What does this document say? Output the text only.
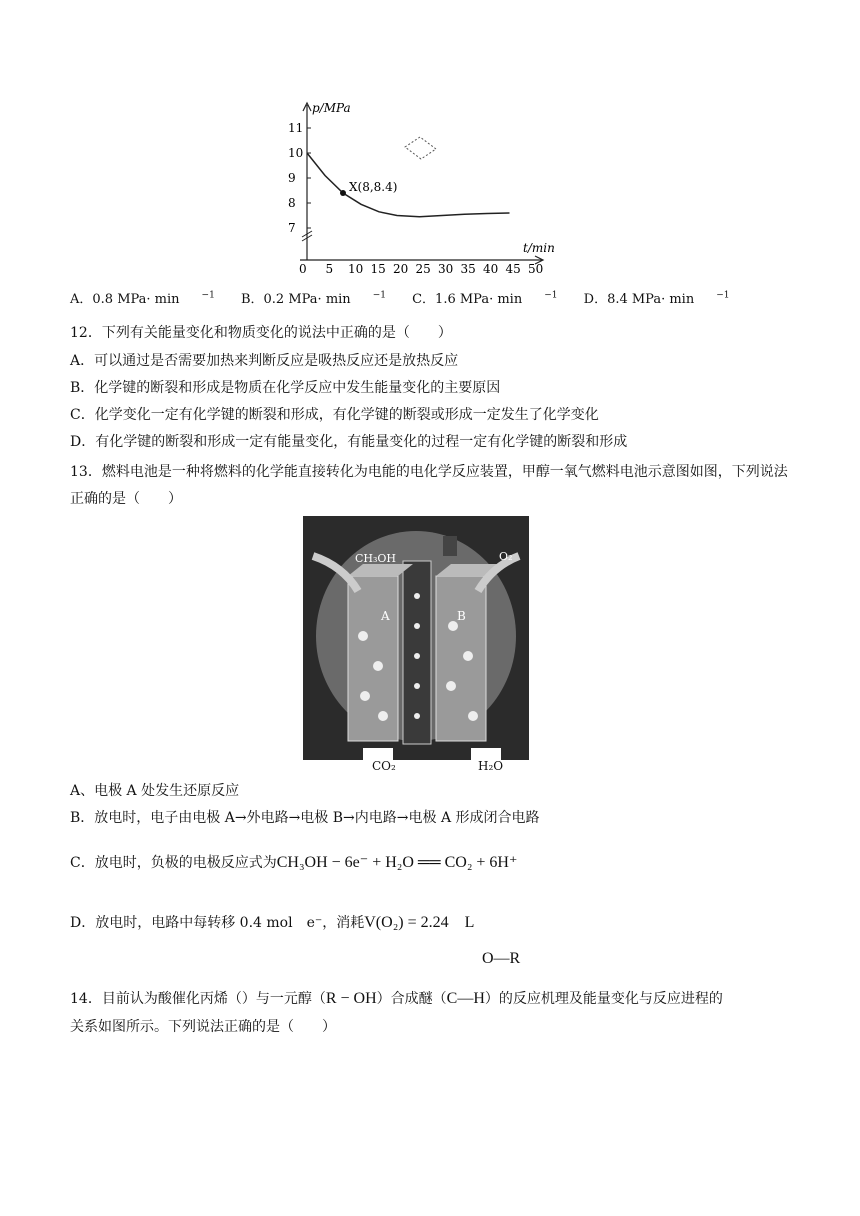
p/MPa
t/min
11
10
9
8
7
0 5 10 15 20 25 30 35 40 45 50
X(8,8.4)
A．0.8 MPa· min $^{-1}$ B．0.2 MPa· min $^{-1}$ C．1.6 MPa· min $^{-1}$ D．8.4 MPa· min $^{-1}$
12．下列有关能量变化和物质变化的说法中正确的是（　　）
A．可以通过是否需要加热来判断反应是吸热反应还是放热反应
B．化学键的断裂和形成是物质在化学反应中发生能量变化的主要原因
C．化学变化一定有化学键的断裂和形成，有化学键的断裂或形成一定发生了化学变化
D．有化学键的断裂和形成一定有能量变化，有能量变化的过程一定有化学键的断裂和形成
13．燃料电池是一种将燃料的化学能直接转化为电能的电化学反应装置，甲醇一氧气燃料电池示意图如图，下列说法正确的是（　　）
CH₃OH	O₂
A	B
CO₂	H₂O
A、电极 A 处发生还原反应
B．放电时，电子由电极 A→外电路→电极 B→内电路→电极 A 形成闭合电路
C．放电时，负极的电极反应式为CH₃OH − 6e⁻ + H₂O ══ CO₂ + 6H⁺
D．放电时，电路中每转移 0.4 mol　e⁻，消耗V(O₂) = 2.24　L
O—R
14．目前认为酸催化丙烯（）与一元醇（R − OH）合成醚（C—H）的反应机理及能量变化与反应进程的
关系如图所示。下列说法正确的是（　　）
